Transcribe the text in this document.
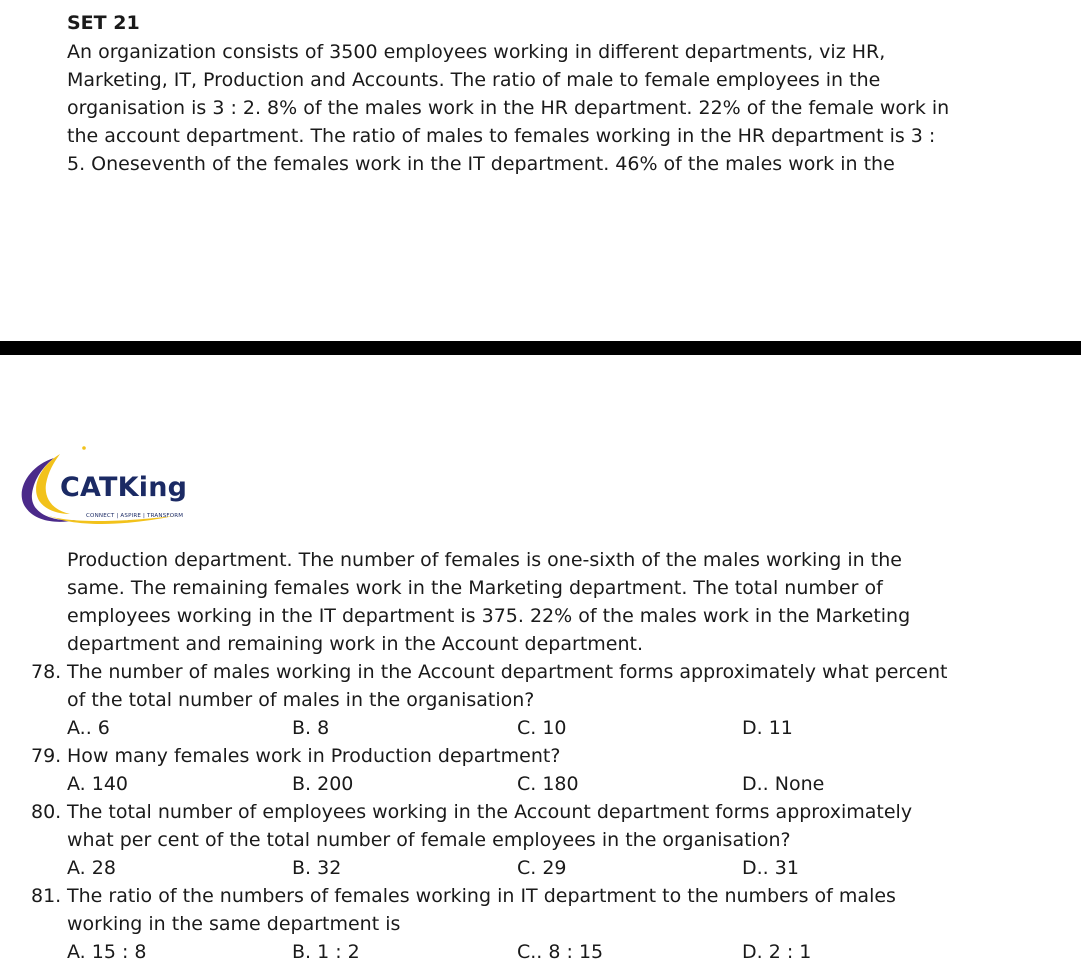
SET 21
An organization consists of 3500 employees working in different departments, viz HR,
Marketing, IT, Production and Accounts. The ratio of male to female employees in the
organisation is 3 : 2. 8% of the males work in the HR department. 22% of the female work in
the account department. The ratio of males to females working in the HR department is 3 :
5. Oneseventh of the females work in the IT department. 46% of the males work in the
CATKing
CONNECT | ASPIRE | TRANSFORM
Production department. The number of females is one-sixth of the males working in the
same. The remaining females work in the Marketing department. The total number of
employees working in the IT department is 375. 22% of the males work in the Marketing
department and remaining work in the Account department.
78. The number of males working in the Account department forms approximately what percent
of the total number of males in the organisation?
A.. 6	B. 8	C. 10	D. 11
79. How many females work in Production department?
A. 140	B. 200	C. 180	D.. None
80. The total number of employees working in the Account department forms approximately
what per cent of the total number of female employees in the organisation?
A. 28	B. 32	C. 29	D.. 31
81. The ratio of the numbers of females working in IT department to the numbers of males
working in the same department is
A. 15 : 8	B. 1 : 2	C.. 8 : 15	D. 2 : 1
